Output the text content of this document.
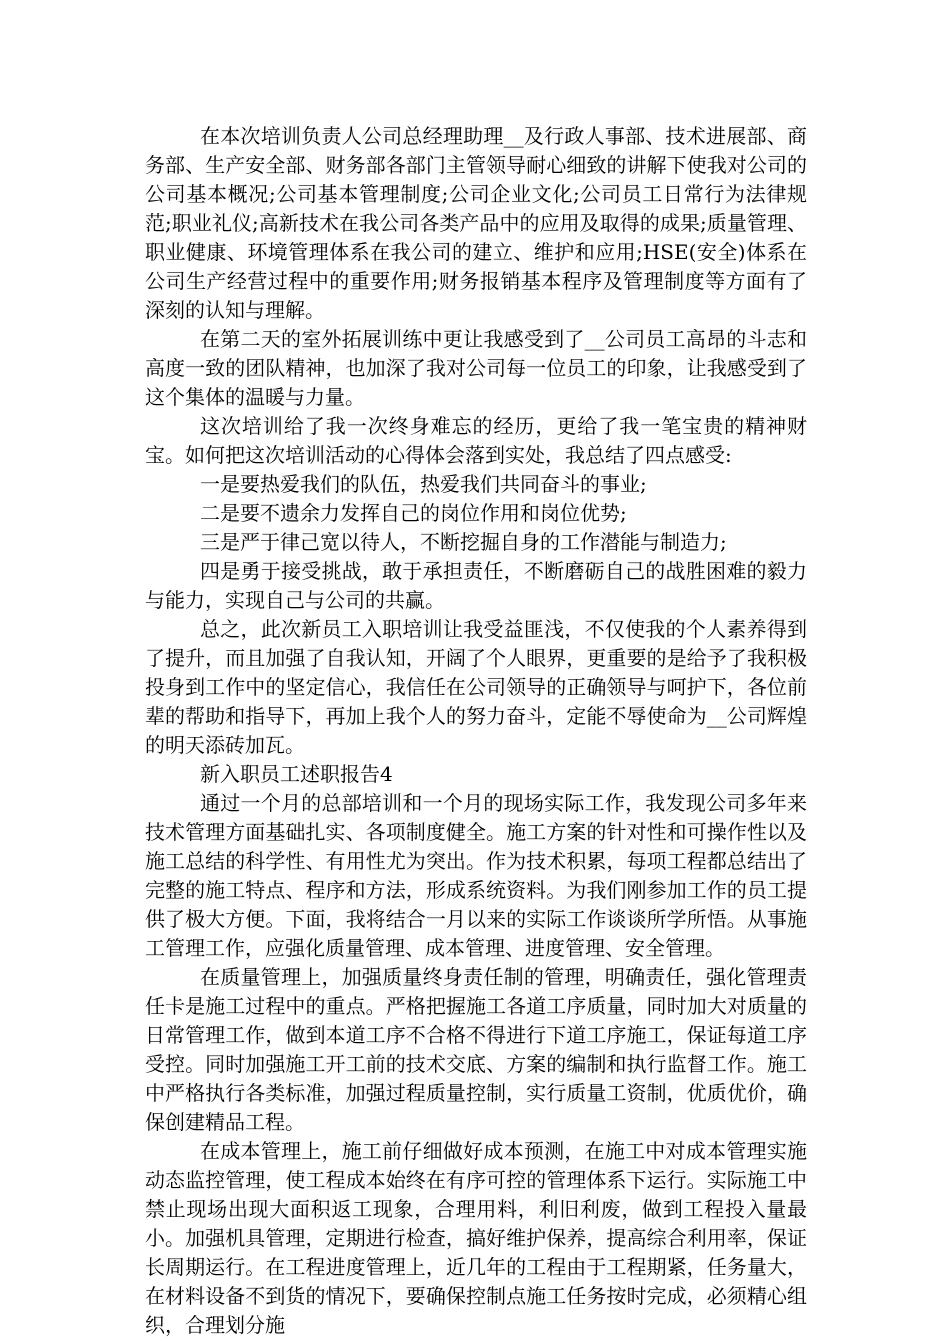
在本次培训负责人公司总经理助理__及行政人事部、技术进展部、商务部、生产安全部、财务部各部门主管领导耐心细致的讲解下使我对公司的公司基本概况;公司基本管理制度;公司企业文化;公司员工日常行为法律规范;职业礼仪;高新技术在我公司各类产品中的应用及取得的成果;质量管理、职业健康、环境管理体系在我公司的建立、维护和应用;HSE(安全)体系在公司生产经营过程中的重要作用;财务报销基本程序及管理制度等方面有了深刻的认知与理解。

在第二天的室外拓展训练中更让我感受到了__公司员工高昂的斗志和高度一致的团队精神，也加深了我对公司每一位员工的印象，让我感受到了这个集体的温暖与力量。

这次培训给了我一次终身难忘的经历，更给了我一笔宝贵的精神财宝。如何把这次培训活动的心得体会落到实处，我总结了四点感受:

一是要热爱我们的队伍，热爱我们共同奋斗的事业;

二是要不遗余力发挥自己的岗位作用和岗位优势;

三是严于律己宽以待人，不断挖掘自身的工作潜能与制造力;

四是勇于接受挑战，敢于承担责任，不断磨砺自己的战胜困难的毅力与能力，实现自己与公司的共赢。

总之，此次新员工入职培训让我受益匪浅，不仅使我的个人素养得到了提升，而且加强了自我认知，开阔了个人眼界，更重要的是给予了我积极投身到工作中的坚定信心，我信任在公司领导的正确领导与呵护下，各位前辈的帮助和指导下，再加上我个人的努力奋斗，定能不辱使命为__公司辉煌的明天添砖加瓦。

新入职员工述职报告4

通过一个月的总部培训和一个月的现场实际工作，我发现公司多年来技术管理方面基础扎实、各项制度健全。施工方案的针对性和可操作性以及施工总结的科学性、有用性尤为突出。作为技术积累，每项工程都总结出了完整的施工特点、程序和方法，形成系统资料。为我们刚参加工作的员工提供了极大方便。下面，我将结合一月以来的实际工作谈谈所学所悟。从事施工管理工作，应强化质量管理、成本管理、进度管理、安全管理。

在质量管理上，加强质量终身责任制的管理，明确责任，强化管理责任卡是施工过程中的重点。严格把握施工各道工序质量，同时加大对质量的日常管理工作，做到本道工序不合格不得进行下道工序施工，保证每道工序受控。同时加强施工开工前的技术交底、方案的编制和执行监督工作。施工中严格执行各类标准，加强过程质量控制，实行质量工资制，优质优价，确保创建精品工程。

在成本管理上，施工前仔细做好成本预测，在施工中对成本管理实施动态监控管理，使工程成本始终在有序可控的管理体系下运行。实际施工中禁止现场出现大面积返工现象，合理用料，利旧利废，做到工程投入量最小。加强机具管理，定期进行检查，搞好维护保养，提高综合利用率，保证长周期运行。在工程进度管理上，近几年的工程由于工程期紧，任务量大，在材料设备不到货的情况下，要确保控制点施工任务按时完成，必须精心组织，合理划分施
